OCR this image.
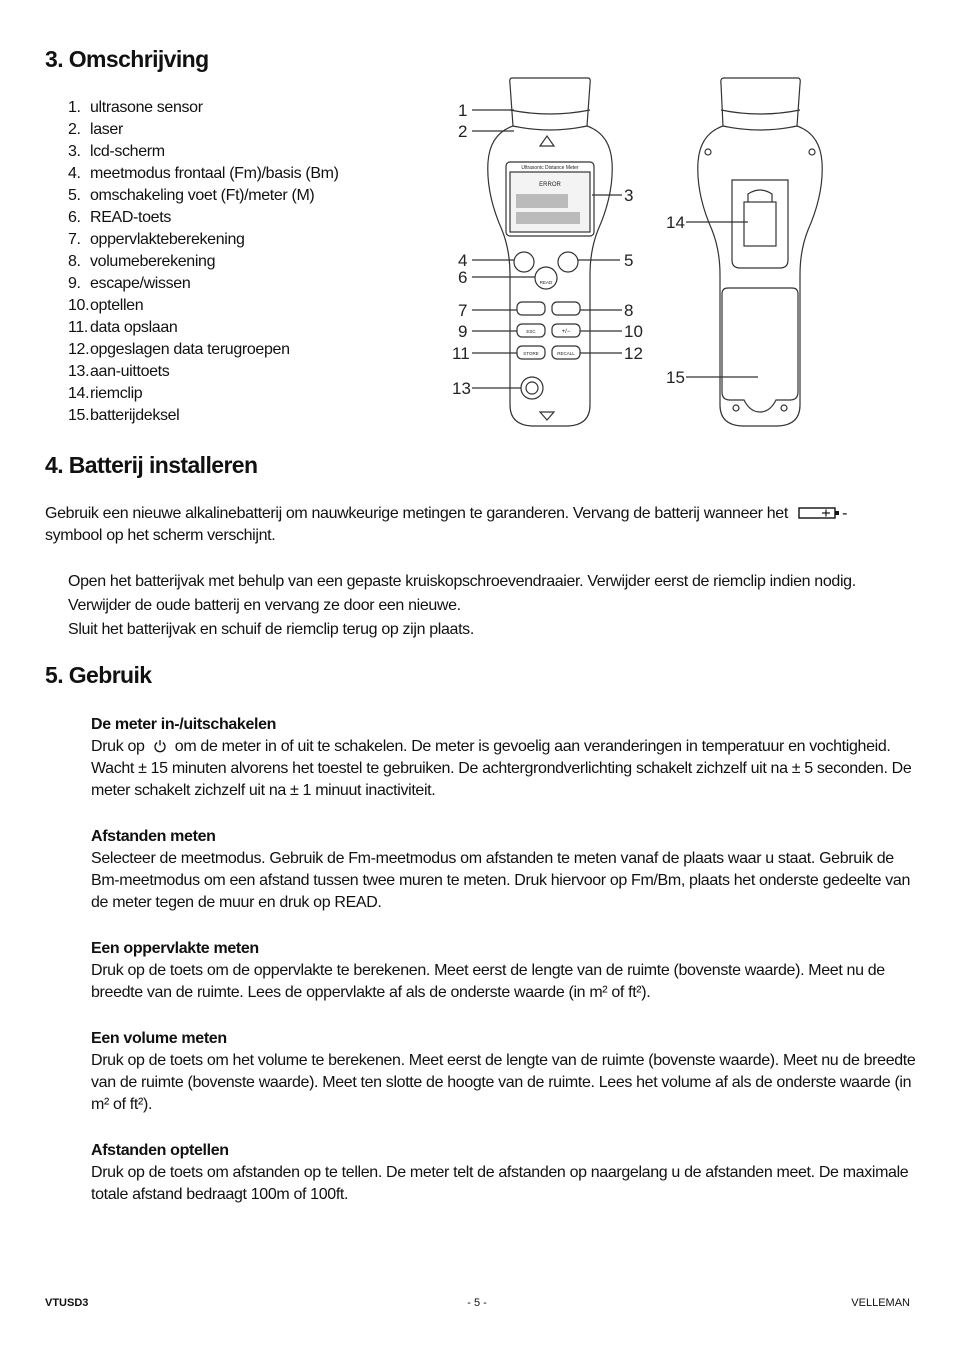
3. Omschrijving
1. ultrasone sensor
2. laser
3. lcd-scherm
4. meetmodus frontaal (Fm)/basis (Bm)
5. omschakeling voet (Ft)/meter (M)
6. READ-toets
7. oppervlakteberekening
8. volumeberekening
9. escape/wissen
10.optellen
11. data opslaan
12.opgeslagen data terugroepen
13.aan-uittoets
14.riemclip
15.batterijdeksel
Ultrasonic Distance Meter
ERROR
READ
ESC	+/−
STORE	RECALL
1
2
3
4	5
6
7	8
9	10
11	12
13
14
15
4. Batterij installeren

Gebruik een nieuwe alkalinebatterij om nauwkeurige metingen te garanderen. Vervang de batterij wanneer het	-
symbool op het scherm verschijnt.

Open het batterijvak met behulp van een gepaste kruiskopschroevendraaier. Verwijder eerst de riemclip indien nodig.
Verwijder de oude batterij en vervang ze door een nieuwe.
Sluit het batterijvak en schuif de riemclip terug op zijn plaats.
5. Gebruik
De meter in-/uitschakelen

Druk op om de meter in of uit te schakelen. De meter is gevoelig aan veranderingen in temperatuur en vochtigheid. Wacht ± 15 minuten alvorens het toestel te gebruiken. De achtergrondverlichting schakelt zichzelf uit na ± 5 seconden. De meter schakelt zichzelf uit na ± 1 minuut inactiviteit.

Afstanden meten

Selecteer de meetmodus. Gebruik de Fm-meetmodus om afstanden te meten vanaf de plaats waar u staat. Gebruik de Bm-meetmodus om een afstand tussen twee muren te meten. Druk hiervoor op Fm/Bm, plaats het onderste gedeelte van de meter tegen de muur en druk op READ.

Een oppervlakte meten

Druk op de toets om de oppervlakte te berekenen. Meet eerst de lengte van de ruimte (bovenste waarde). Meet nu de breedte van de ruimte. Lees de oppervlakte af als de onderste waarde (in m² of ft²).

Een volume meten

Druk op de toets om het volume te berekenen. Meet eerst de lengte van de ruimte (bovenste waarde). Meet nu de breedte van de ruimte (bovenste waarde). Meet ten slotte de hoogte van de ruimte. Lees het volume af als de onderste waarde (in m² of ft²).

Afstanden optellen

Druk op de toets om afstanden op te tellen. De meter telt de afstanden op naargelang u de afstanden meet. De maximale totale afstand bedraagt 100m of 100ft.

VTUSD3	- 5 -	VELLEMAN
